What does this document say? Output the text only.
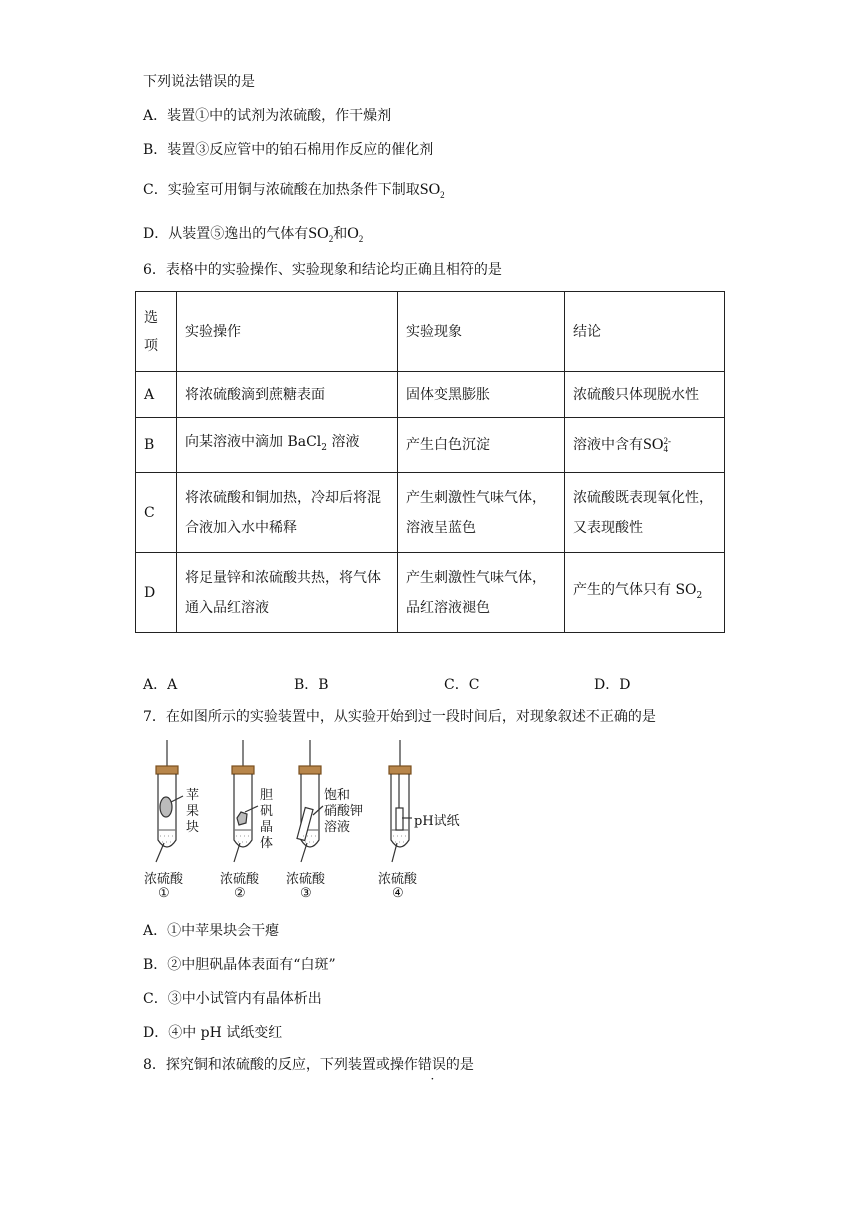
下列说法错误的是
A．装置①中的试剂为浓硫酸，作干燥剂
B．装置③反应管中的铂石棉用作反应的催化剂
C．实验室可用铜与浓硫酸在加热条件下制取$SO_2$
D．从装置⑤逸出的气体有$SO_2$和$O_2$
6．表格中的实验操作、实验现象和结论均正确且相符的是
选项	实验操作	实验现象	结论
A	将浓硫酸滴到蔗糖表面	固体变黑膨胀	浓硫酸只体现脱水性
B	向某溶液中滴加 BaCl$_2$ 溶液	产生白色沉淀	溶液中含有SO 2-
4

C	将浓硫酸和铜加热，冷却后将混合液加入水中稀释	产生刺激性气味气体，溶液呈蓝色	浓硫酸既表现氧化性，又表现酸性
D	将足量锌和浓硫酸共热，将气体通入品红溶液	产生刺激性气味气体，品红溶液褪色	产生的气体只有 $SO_2$
A．A	B．B	C．C	D．D
7．在如图所示的实验装置中，从实验开始到过一段时间后，对现象叙述不正确的是
苹
果
块
胆
矾
晶
体
饱和
硝酸钾
溶液	pH试纸
浓硫酸	浓硫酸 浓硫酸	浓硫酸
①	②	③	④
A．①中苹果块会干瘪
B．②中胆矾晶体表面有“白斑”
C．③中小试管内有晶体析出
D．④中 pH 试纸变红
8．探究铜和浓硫酸的反应，下列装置或操作错误的是
